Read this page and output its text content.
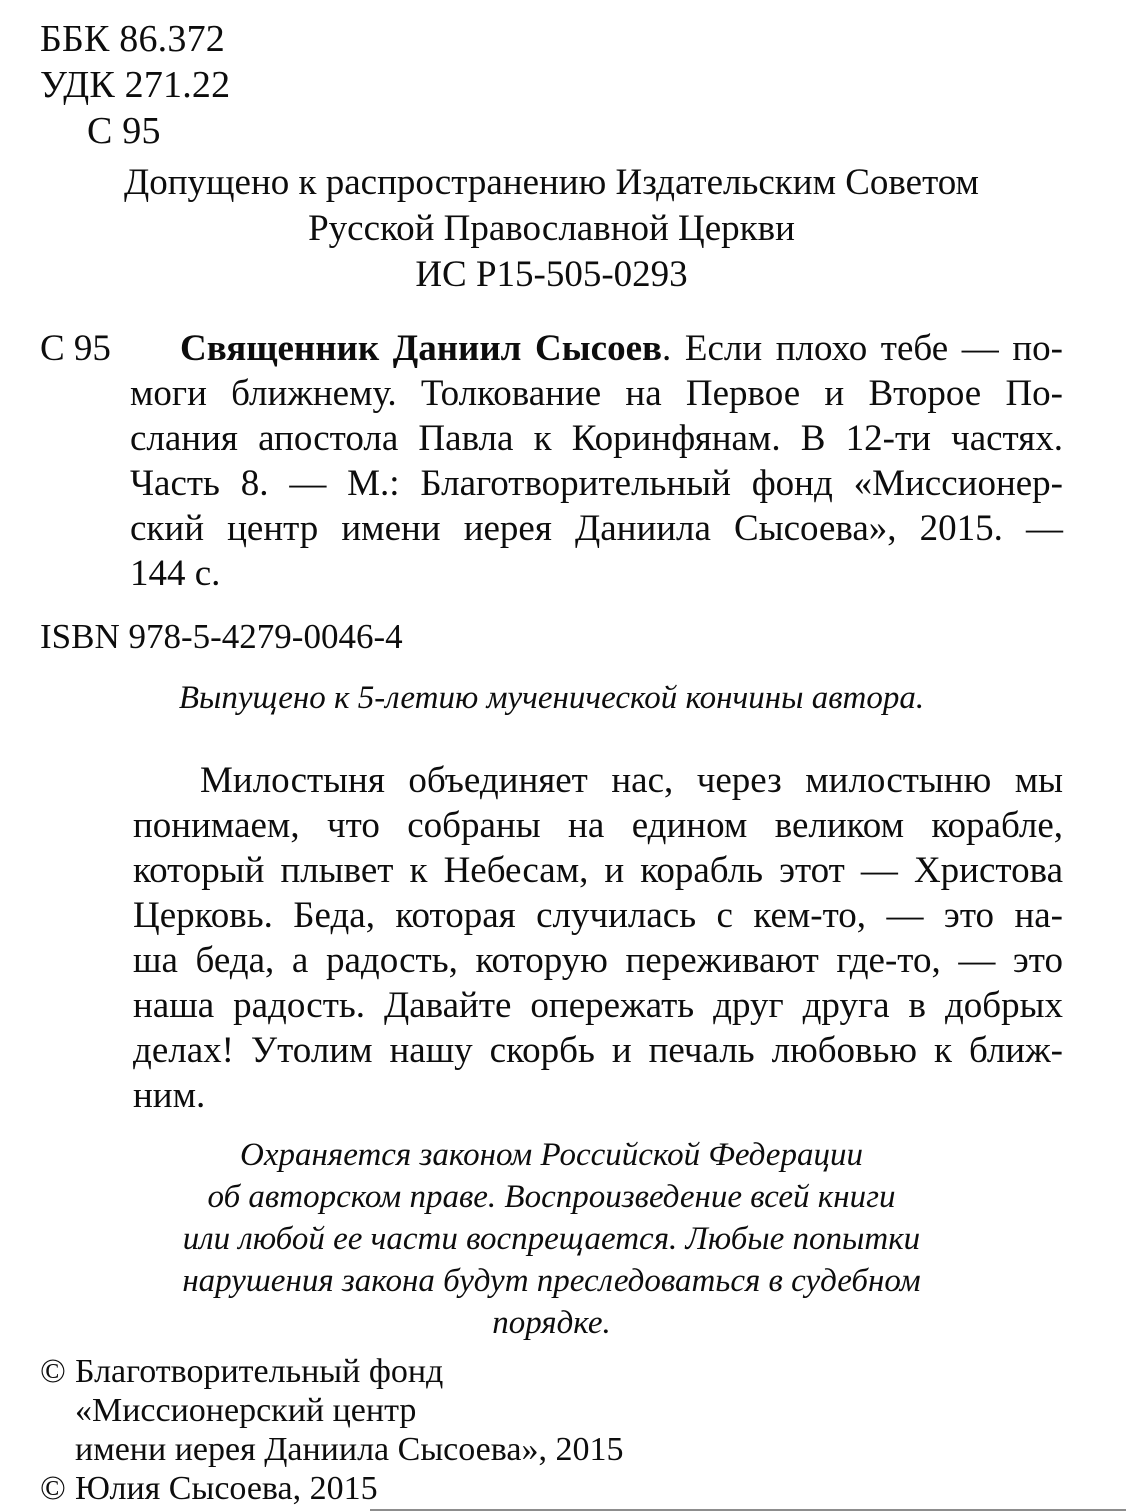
ББК 86.372
УДК 271.22
С 95
Допущено к распространению Издательским Советом
Русской Православной Церкви
ИС Р15-505-0293
С 95	Священник Даниил Сысоев. Если плохо тебе — по-
моги ближнему. Толкование на Первое и Второе По-
слания апостола Павла к Коринфянам. В 12-ти частях.
Часть 8. — М.: Благотворительный фонд «Миссионер-
ский центр имени иерея Даниила Сысоева», 2015. —
144 с.
ISBN 978-5-4279-0046-4
Выпущено к 5-летию мученической кончины автора.
Милостыня объединяет нас, через милостыню мы
понимаем, что собраны на едином великом корабле,
который плывет к Небесам, и корабль этот — Христова
Церковь. Беда, которая случилась с кем-то, — это на-
ша беда, а радость, которую переживают где-то, — это
наша радость. Давайте опережать друг друга в добрых
делах! Утолим нашу скорбь и печаль любовью к ближ-
ним.
Охраняется законом Российской Федерации
об авторском праве. Воспроизведение всей книги
или любой ее части воспрещается. Любые попытки
нарушения закона будут преследоваться в судебном
порядке.
© Благотворительный фонд
«Миссионерский центр
имени иерея Даниила Сысоева», 2015
© Юлия Сысоева, 2015
